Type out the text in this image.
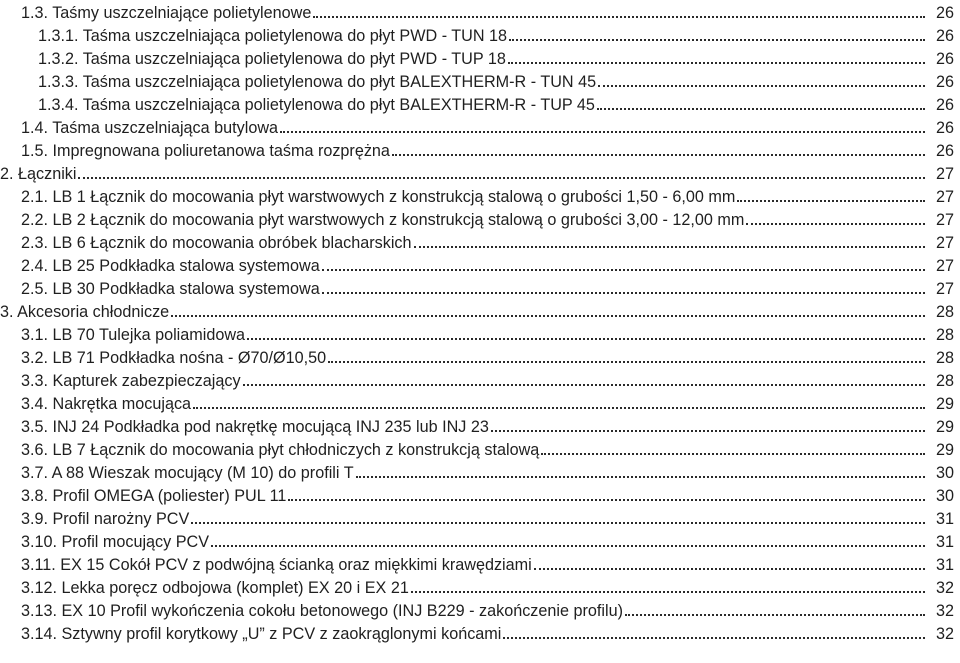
1.3. Taśmy uszczelniające polietylenowe	26
1.3.1. Taśma uszczelniająca polietylenowa do płyt PWD - TUN 18	26
1.3.2. Taśma uszczelniająca polietylenowa do płyt PWD - TUP 18	26
1.3.3. Taśma uszczelniająca polietylenowa do płyt BALEXTHERM-R - TUN 45	26
1.3.4. Taśma uszczelniająca polietylenowa do płyt BALEXTHERM-R - TUP 45	26
1.4. Taśma uszczelniająca butylowa	26
1.5. Impregnowana poliuretanowa taśma rozprężna	26
2. Łączniki	27
2.1. LB 1 Łącznik do mocowania płyt warstwowych z konstrukcją stalową o grubości 1,50 - 6,00 mm	27
2.2. LB 2 Łącznik do mocowania płyt warstwowych z konstrukcją stalową o grubości 3,00 - 12,00 mm	27
2.3. LB 6 Łącznik do mocowania obróbek blacharskich	27
2.4. LB 25 Podkładka stalowa systemowa	27
2.5. LB 30 Podkładka stalowa systemowa	27
3. Akcesoria chłodnicze	28
3.1. LB 70 Tulejka poliamidowa	28
3.2. LB 71 Podkładka nośna - Ø70/Ø10,50	28
3.3. Kapturek zabezpieczający	28
3.4. Nakrętka mocująca	29
3.5. INJ 24 Podkładka pod nakrętkę mocującą INJ 235 lub INJ 23	29
3.6. LB 7 Łącznik do mocowania płyt chłodniczych z konstrukcją stalową	29
3.7. A 88 Wieszak mocujący (M 10) do profili T	30
3.8. Profil OMEGA (poliester) PUL 11	30
3.9. Profil narożny PCV	31
3.10. Profil mocujący PCV	31
3.11. EX 15 Cokół PCV z podwójną ścianką oraz miękkimi krawędziami	31
3.12. Lekka poręcz odbojowa (komplet) EX 20 i EX 21	32
3.13. EX 10 Profil wykończenia cokołu betonowego (INJ B229 - zakończenie profilu)	32
3.14. Sztywny profil korytkowy „U” z PCV z zaokrąglonymi końcami	32
